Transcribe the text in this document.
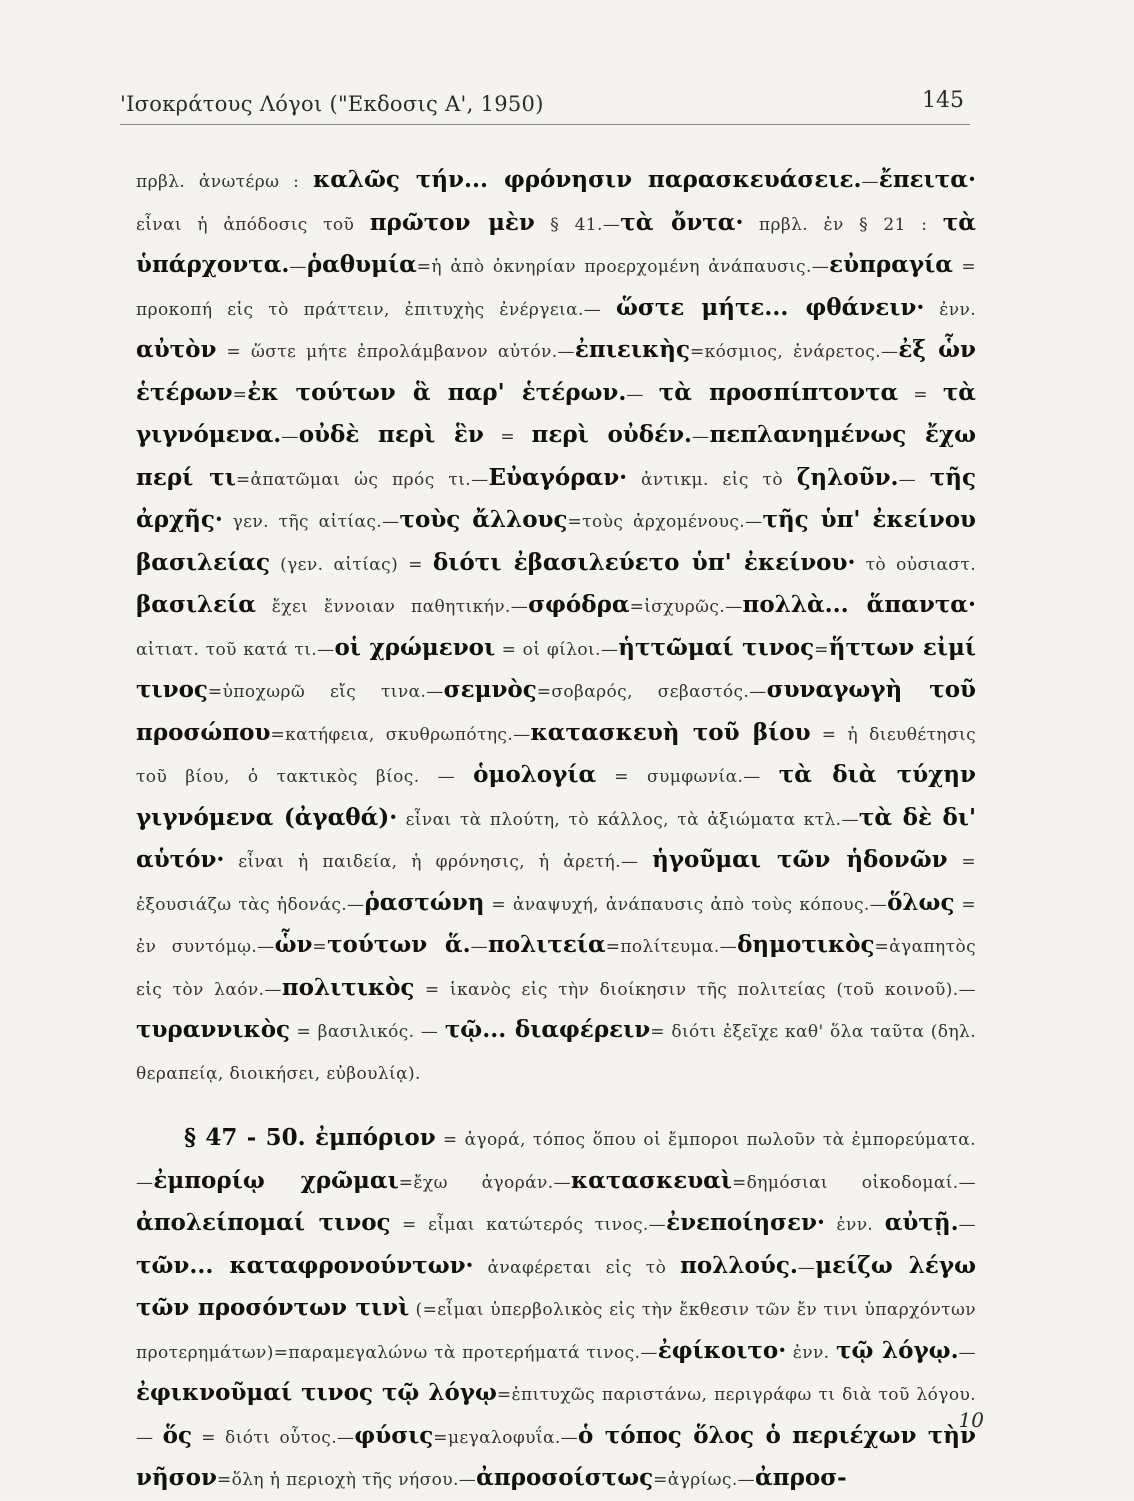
'Ισοκράτους Λόγοι ("Εκδοσις Α', 1950)	145

πρβλ. ἀνωτέρω : καλῶς τήν... φρόνησιν παρασκευάσειε.—ἔπειτα· εἶναι ἡ ἀπόδοσις τοῦ πρῶτον μὲν § 41.—τὰ ὄντα· πρβλ. ἐν § 21 : τὰ ὑπάρχοντα.—ῥαθυμία=ἡ ἀπὸ ὀκνηρίαν προερχομένη ἀνάπαυσις.—εὐπραγία = προκοπή εἰς τὸ πράττειν, ἐπιτυχὴς ἐνέργεια.— ὥστε μήτε... φθάνειν· ἐνν. αὐτὸν = ὥστε μήτε ἐπρολάμβανον αὐτόν.—ἐπιεικὴς=κόσμιος, ἐνάρετος.—ἐξ ὧν ἑτέρων=ἐκ τούτων ἃ παρ' ἑτέρων.— τὰ προσπίπτοντα = τὰ γιγνόμενα.—οὐδὲ περὶ ἓν = περὶ οὐδέν.—πεπλανημένως ἔχω περί τι=ἀπατῶμαι ὡς πρός τι.—Εὐαγόραν· ἀντικμ. εἰς τὸ ζηλοῦν.— τῆς ἀρχῆς· γεν. τῆς αἰτίας.—τοὺς ἄλλους=τοὺς ἀρχομένους.—τῆς ὑπ' ἐκείνου βασιλείας (γεν. αἰτίας) = διότι ἐβασιλεύετο ὑπ' ἐκείνου· τὸ οὐσιαστ. βασιλεία ἔχει ἔννοιαν παθητικήν.—σφόδρα=ἰσχυρῶς.—πολλὰ... ἅπαντα· αἰτιατ. τοῦ κατά τι.—οἱ χρώμενοι = οἱ φίλοι.—ἡττῶμαί τινος=ἥττων εἰμί τινος=ὑποχωρῶ εἴς τινα.—σεμνὸς=σοβαρός, σεβαστός.—συναγωγὴ τοῦ προσώπου=κατήφεια, σκυθρωπότης.—κατασκευὴ τοῦ βίου = ἡ διευθέτησις τοῦ βίου, ὁ τακτικὸς βίος. — ὁμολογία = συμφωνία.— τὰ διὰ τύχην γιγνόμενα (ἀγαθά)· εἶναι τὰ πλούτη, τὸ κάλλος, τὰ ἀξιώματα κτλ.—τὰ δὲ δι' αὑτόν· εἶναι ἡ παιδεία, ἡ φρόνησις, ἡ ἀρετή.— ἡγοῦμαι τῶν ἡδονῶν = ἐξουσιάζω τὰς ἡδονάς.—ῥαστώνη = ἀναψυχή, ἀνάπαυσις ἀπὸ τοὺς κόπους.—ὅλως = ἐν συντόμῳ.—ὧν=τούτων ἅ.—πολιτεία=πολίτευμα.—δημοτικὸς=ἀγαπητὸς εἰς τὸν λαόν.—πολιτικὸς = ἱκανὸς εἰς τὴν διοίκησιν τῆς πολιτείας (τοῦ κοινοῦ).—τυραννικὸς = βασιλικός. — τῷ... διαφέρειν= διότι ἐξεῖχε καθ' ὅλα ταῦτα (δηλ. θεραπείᾳ, διοικήσει, εὐβουλίᾳ).

§ 47 - 50. ἐμπόριον = ἀγορά, τόπος ὅπου οἱ ἔμποροι πωλοῦν τὰ ἐμπορεύματα.—ἐμπορίῳ χρῶμαι=ἔχω ἀγοράν.—κατασκευαὶ=δημόσιαι οἰκοδομαί.— ἀπολείπομαί τινος = εἶμαι κατώτερός τινος.—ἐνεποίησεν· ἐνν. αὐτῇ.—τῶν... καταφρονούντων· ἀναφέρεται εἰς τὸ πολλούς.—μείζω λέγω τῶν προσόντων τινὶ (=εἶμαι ὑπερβολικὸς εἰς τὴν ἔκθεσιν τῶν ἔν τινι ὑπαρχόντων προτερημάτων)=παραμεγαλώνω τὰ προτερήματά τινος.—ἐφίκοιτο· ἐνν. τῷ λόγῳ.—ἐφικνοῦμαί τινος τῷ λόγῳ=ἐπιτυχῶς παριστάνω, περιγράφω τι διὰ τοῦ λόγου.— ὅς = διότι οὗτος.—φύσις=μεγαλοφυΐα.—ὁ τόπος ὅλος ὁ περιέχων τὴν νῆσον=ὅλη ἡ περιοχὴ τῆς νήσου.—ἀπροσοίστως=ἀγρίως.—ἀπροσ-

10
